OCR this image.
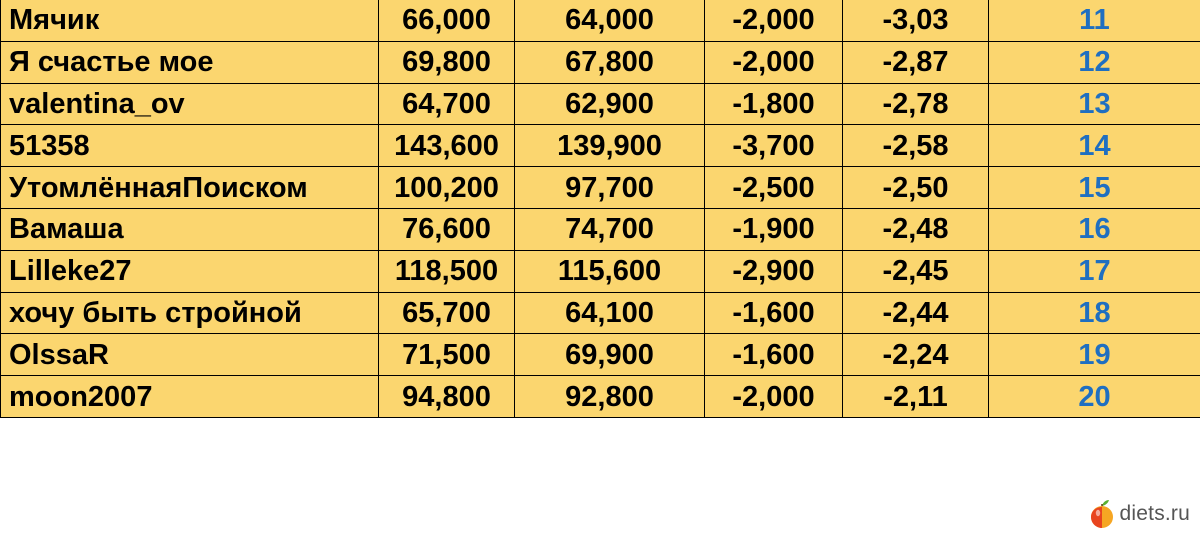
Мячик	66,000	64,000	-2,000	-3,03	11
Я счастье мое	69,800	67,800	-2,000	-2,87	12
valentina_ov	64,700	62,900	-1,800	-2,78	13
51358	143,600	139,900	-3,700	-2,58	14
УтомлённаяПоиском	100,200	97,700	-2,500	-2,50	15
Вамаша	76,600	74,700	-1,900	-2,48	16
Lilleke27	118,500	115,600	-2,900	-2,45	17
хочу быть стройной	65,700	64,100	-1,600	-2,44	18
OlssaR	71,500	69,900	-1,600	-2,24	19
moon2007	94,800	92,800	-2,000	-2,11	20
diets.ru
